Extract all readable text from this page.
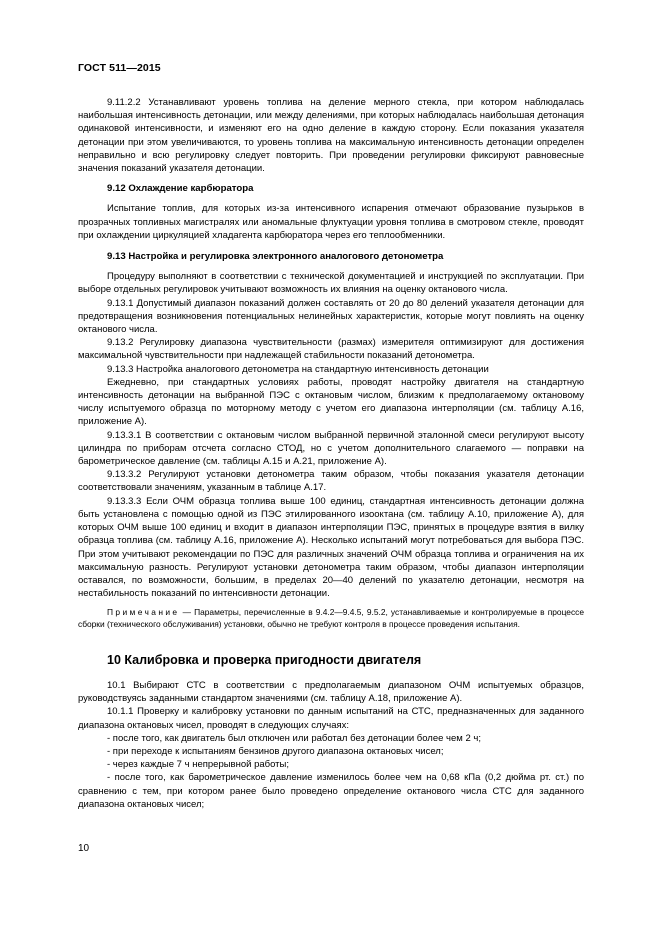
ГОСТ 511—2015

9.11.2.2 Устанавливают уровень топлива на деление мерного стекла, при котором наблюдалась наибольшая интенсивность детонации, или между делениями, при которых наблюдалась наибольшая детонация одинаковой интенсивности, и изменяют его на одно деление в каждую сторону. Если показания указателя детонации при этом увеличиваются, то уровень топлива на максимальную интенсивность детонации определен неправильно и всю регулировку следует повторить. При проведении регулировки фиксируют равновесные значения показаний указателя детонации.

9.12 Охлаждение карбюратора

Испытание топлив, для которых из-за интенсивного испарения отмечают образование пузырьков в прозрачных топливных магистралях или аномальные флуктуации уровня топлива в смотровом стекле, проводят при охлаждении циркуляцией хладагента карбюратора через его теплообменники.

9.13 Настройка и регулировка электронного аналогового детонометра

Процедуру выполняют в соответствии с технической документацией и инструкцией по эксплуатации. При выборе отдельных регулировок учитывают возможность их влияния на оценку октанового числа.

9.13.1 Допустимый диапазон показаний должен составлять от 20 до 80 делений указателя детонации для предотвращения возникновения потенциальных нелинейных характеристик, которые могут повлиять на оценку октанового числа.

9.13.2 Регулировку диапазона чувствительности (размах) измерителя оптимизируют для достижения максимальной чувствительности при надлежащей стабильности показаний детонометра.

9.13.3 Настройка аналогового детонометра на стандартную интенсивность детонации

Ежедневно, при стандартных условиях работы, проводят настройку двигателя на стандартную интенсивность детонации на выбранной ПЭС с октановым числом, близким к предполагаемому октановому числу испытуемого образца по моторному методу с учетом его диапазона интерполяции (см. таблицу А.16, приложение А).

9.13.3.1 В соответствии с октановым числом выбранной первичной эталонной смеси регулируют высоту цилиндра по приборам отсчета согласно СТОД, но с учетом дополнительного слагаемого — поправки на барометрическое давление (см. таблицы А.15 и А.21, приложение А).

9.13.3.2 Регулируют установки детонометра таким образом, чтобы показания указателя детонации соответствовали значениям, указанным в таблице А.17.

9.13.3.3 Если ОЧМ образца топлива выше 100 единиц, стандартная интенсивность детонации должна быть установлена с помощью одной из ПЭС этилированного изооктана (см. таблицу А.10, приложение А), для которых ОЧМ выше 100 единиц и входит в диапазон интерполяции ПЭС, принятых в процедуре взятия в вилку образца топлива (см. таблицу А.16, приложение А). Несколько испытаний могут потребоваться для выбора ПЭС. При этом учитывают рекомендации по ПЭС для различных значений ОЧМ образца топлива и ограничения на их максимальную разность. Регулируют установки детонометра таким образом, чтобы диапазон интерполяции оставался, по возможности, большим, в пределах 20—40 делений по указателю детонации, несмотря на нестабильность показаний по интенсивности детонации.

Примечание — Параметры, перечисленные в 9.4.2—9.4.5, 9.5.2, устанавливаемые и контролируемые в процессе сборки (технического обслуживания) установки, обычно не требуют контроля в процессе проведения испытания.

10 Калибровка и проверка пригодности двигателя

10.1 Выбирают СТС в соответствии с предполагаемым диапазоном ОЧМ испытуемых образцов, руководствуясь заданными стандартом значениями (см. таблицу А.18, приложение А).

10.1.1 Проверку и калибровку установки по данным испытаний на СТС, предназначенных для заданного диапазона октановых чисел, проводят в следующих случаях:

- после того, как двигатель был отключен или работал без детонации более чем 2 ч;

- при переходе к испытаниям бензинов другого диапазона октановых чисел;

- через каждые 7 ч непрерывной работы;

- после того, как барометрическое давление изменилось более чем на 0,68 кПа (0,2 дюйма рт. ст.) по сравнению с тем, при котором ранее было проведено определение октанового числа СТС для заданного диапазона октановых чисел;

10
